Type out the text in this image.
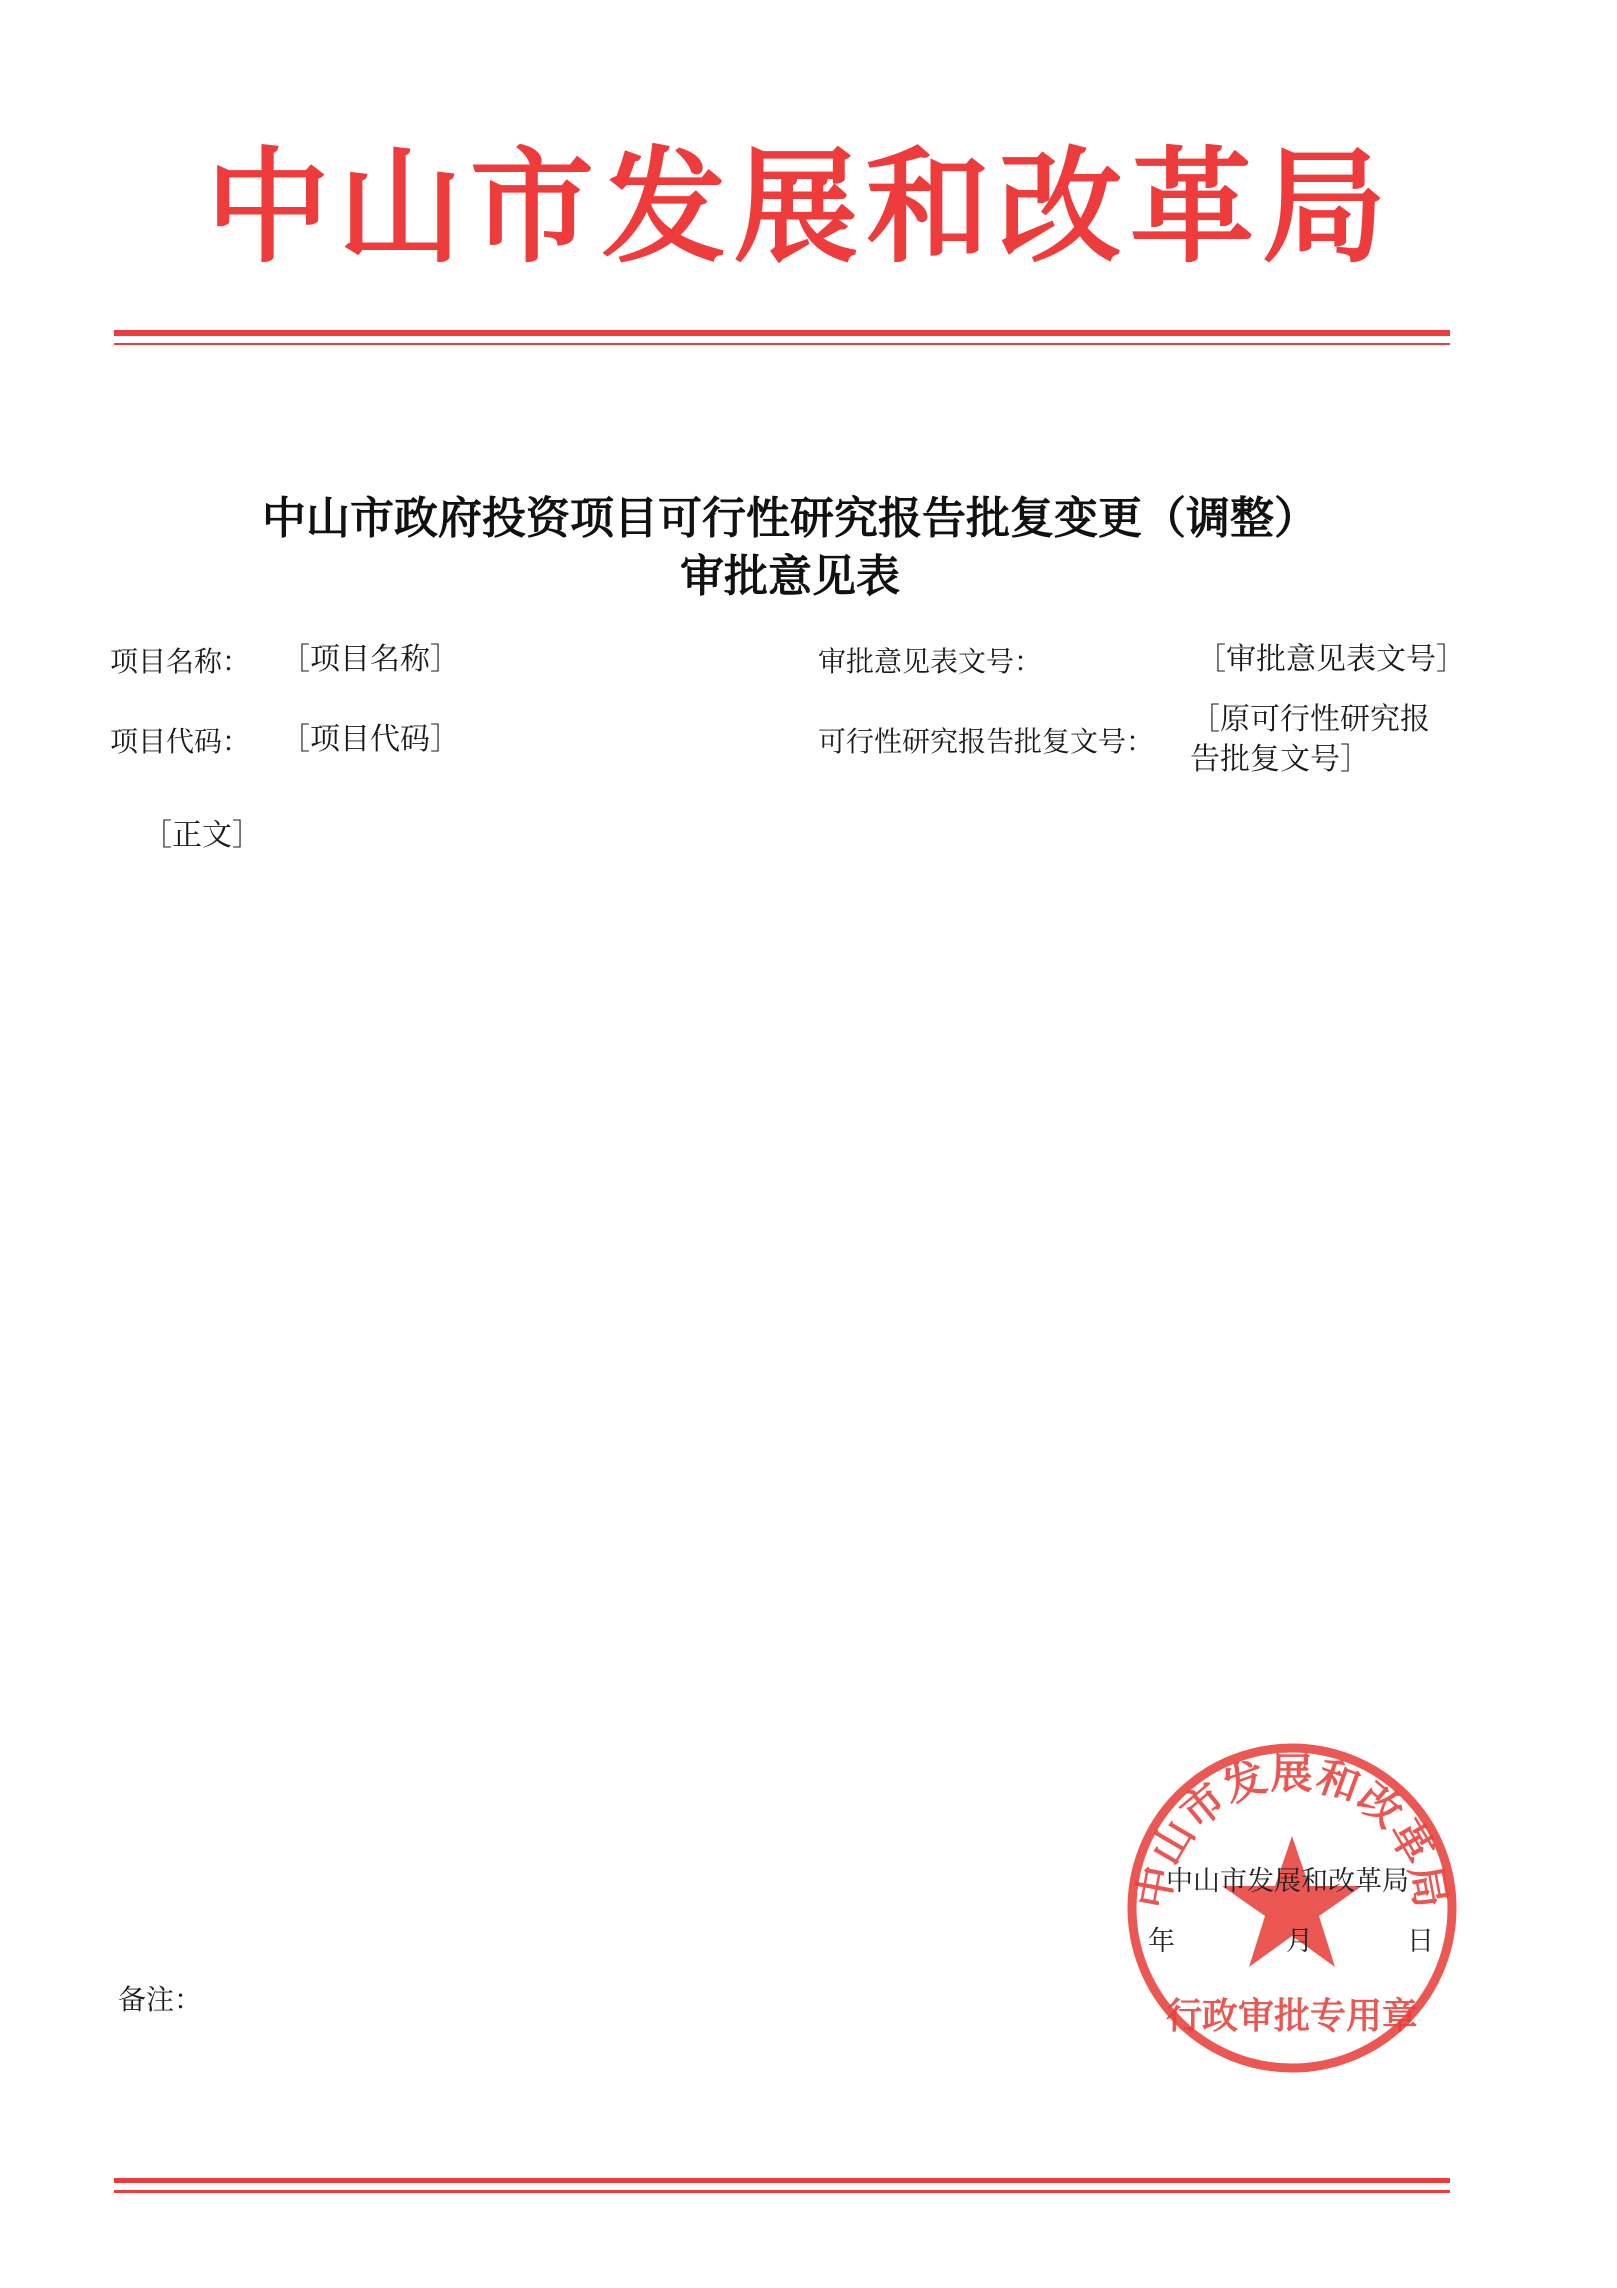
中山市发展和改革局
中山市政府投资项目可行性研究报告批复变更（调整）
审批意见表
项目名称： ［项目名称］	审批意见表文号：	［审批意见表文号］
项目代码： ［项目代码］	可行性研究报告批复文号：
［原可行性研究报
告批复文号］
［正文］
中山市发展和改革局
行政审批专用章
中山市发展和改革局
年	月	日
备注：
